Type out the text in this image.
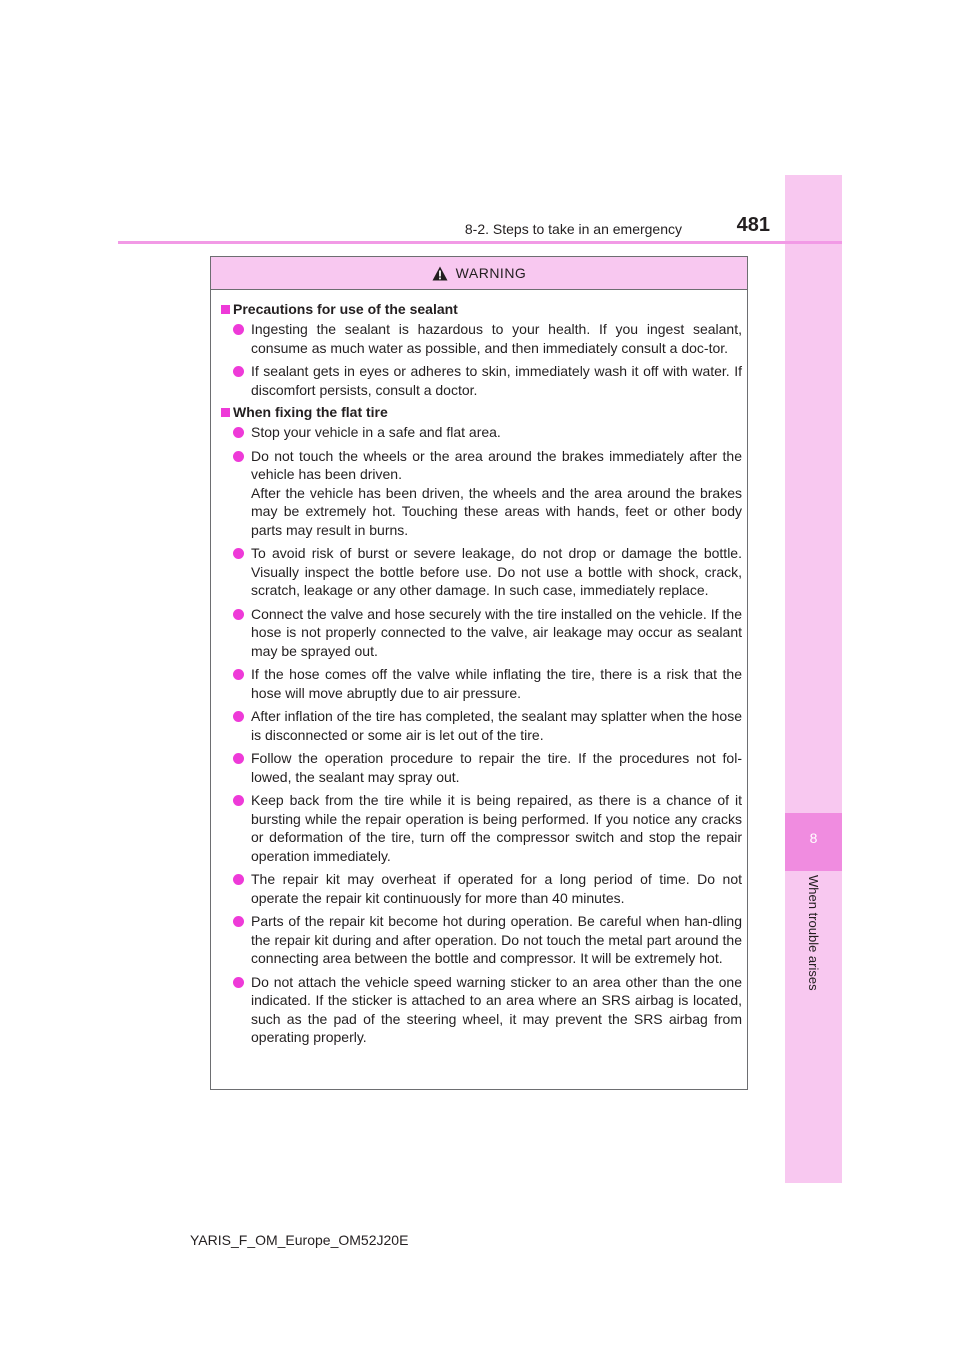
8
When trouble arises
8-2. Steps to take in an emergency	481
WARNING
Precautions for use of the sealant
Ingesting the sealant is hazardous to your health. If you ingest sealant, consume as much water as possible, and then immediately consult a doc-tor.
If sealant gets in eyes or adheres to skin, immediately wash it off with water. If discomfort persists, consult a doctor.
When fixing the flat tire
Stop your vehicle in a safe and flat area.
Do not touch the wheels or the area around the brakes immediately after the vehicle has been driven.
After the vehicle has been driven, the wheels and the area around the brakes may be extremely hot. Touching these areas with hands, feet or other body parts may result in burns.
To avoid risk of burst or severe leakage, do not drop or damage the bottle. Visually inspect the bottle before use. Do not use a bottle with shock, crack, scratch, leakage or any other damage. In such case, immediately replace.
Connect the valve and hose securely with the tire installed on the vehicle. If the hose is not properly connected to the valve, air leakage may occur as sealant may be sprayed out.
If the hose comes off the valve while inflating the tire, there is a risk that the hose will move abruptly due to air pressure.
After inflation of the tire has completed, the sealant may splatter when the hose is disconnected or some air is let out of the tire.
Follow the operation procedure to repair the tire. If the procedures not fol-lowed, the sealant may spray out.
Keep back from the tire while it is being repaired, as there is a chance of it bursting while the repair operation is being performed. If you notice any cracks or deformation of the tire, turn off the compressor switch and stop the repair operation immediately.
The repair kit may overheat if operated for a long period of time. Do not operate the repair kit continuously for more than 40 minutes.
Parts of the repair kit become hot during operation. Be careful when han-dling the repair kit during and after operation. Do not touch the metal part around the connecting area between the bottle and compressor. It will be extremely hot.
Do not attach the vehicle speed warning sticker to an area other than the one indicated. If the sticker is attached to an area where an SRS airbag is located, such as the pad of the steering wheel, it may prevent the SRS airbag from operating properly.
YARIS_F_OM_Europe_OM52J20E
